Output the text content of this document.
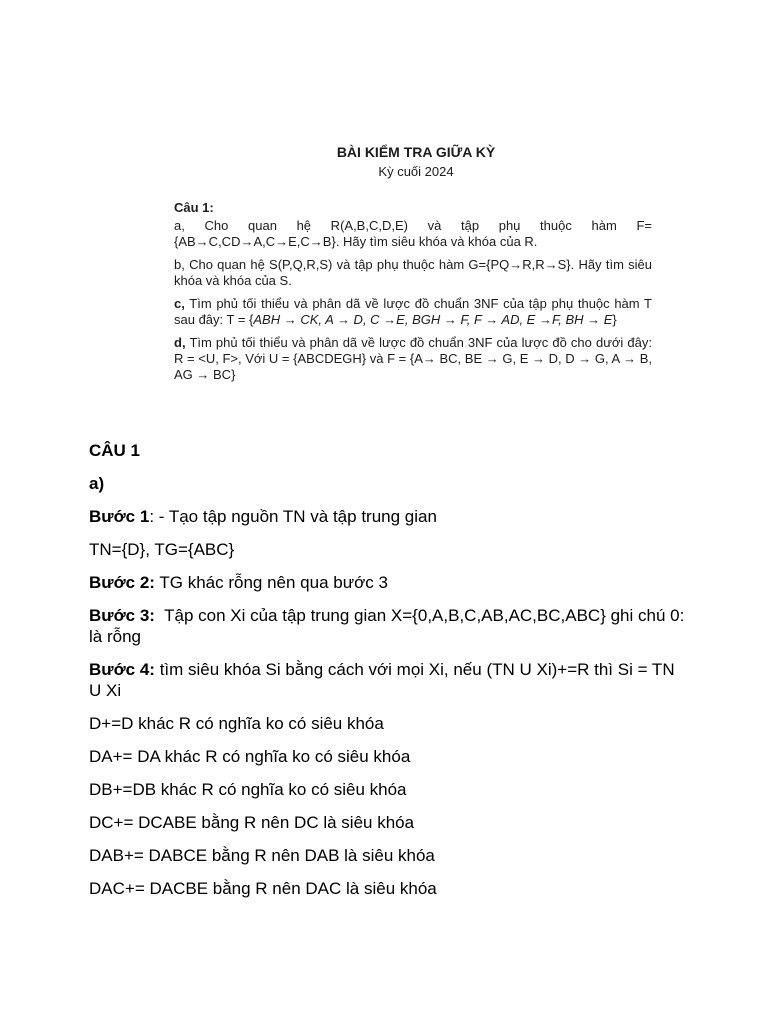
BÀI KIỂM TRA GIỮA KỲ
Kỳ cuối 2024
Câu 1:
a, Cho quan hệ R(A,B,C,D,E) và tập phụ thuộc hàm F={AB→C,CD→A,C→E,C→B}. Hãy tìm siêu khóa và khóa của R.
b, Cho quan hệ S(P,Q,R,S) và tập phụ thuộc hàm G={PQ→R,R→S}. Hãy tìm siêu khóa và khóa của S.
c, Tìm phủ tối thiểu và phân dã về lược đồ chuẩn 3NF của tập phụ thuộc hàm T sau đây: T = {ABH → CK, A → D, C →E, BGH → F, F → AD, E →F, BH → E}
d, Tìm phủ tối thiểu và phân dã về lược đồ chuẩn 3NF của lược đồ cho dưới đây: R = <U, F>, Với U = {ABCDEGH} và F = {A→ BC, BE → G, E → D, D → G, A → B, AG → BC}

CÂU 1

a)

Bước 1: - Tạo tập nguồn TN và tập trung gian

TN={D}, TG={ABC}

Bước 2: TG khác rỗng nên qua bước 3

Bước 3:  Tập con Xi của tập trung gian X={0,A,B,C,AB,AC,BC,ABC} ghi chú 0: là rỗng

Bước 4: tìm siêu khóa Si bằng cách với mọi Xi, nếu (TN U Xi)+=R thì Si = TN U Xi

D+=D khác R có nghĩa ko có siêu khóa

DA+= DA khác R có nghĩa ko có siêu khóa

DB+=DB khác R có nghĩa ko có siêu khóa

DC+= DCABE bằng R nên DC là siêu khóa

DAB+= DABCE bằng R nên DAB là siêu khóa

DAC+= DACBE bằng R nên DAC là siêu khóa
